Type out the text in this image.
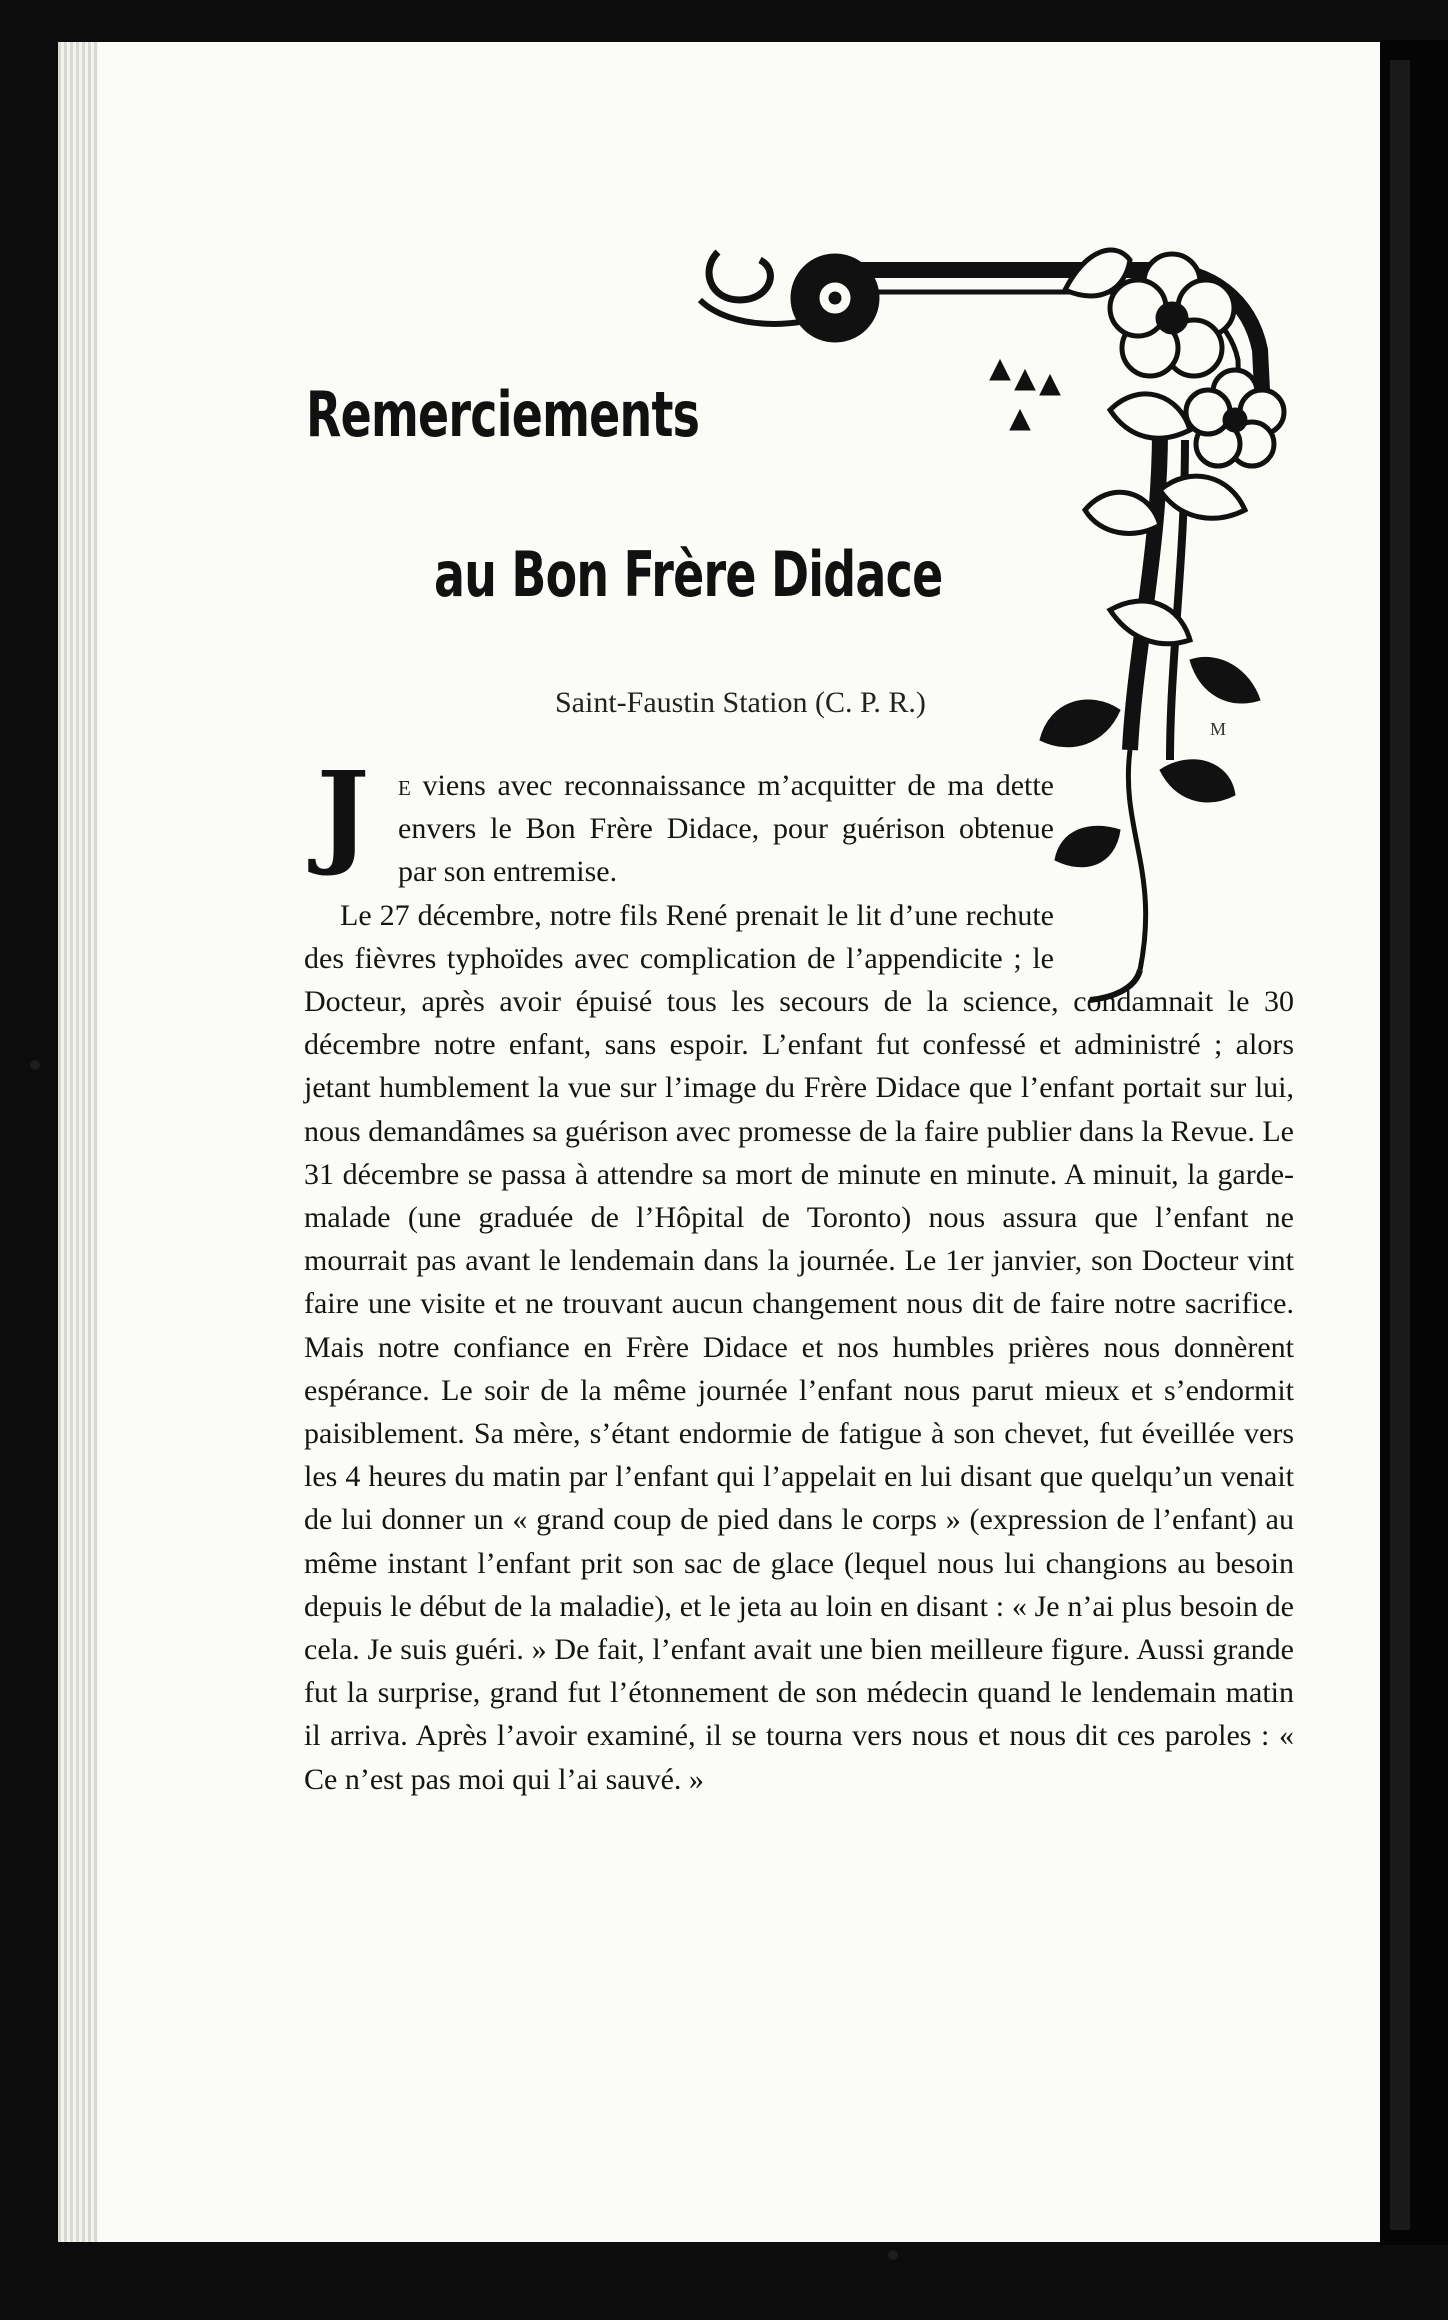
M
Remerciements
au Bon Frère Didace
Saint-Faustin Station (C. P. R.)
J e viens avec reconnaissance m’acquitter de ma dette envers le Bon Frère Didace, pour guérison obtenue par son entremise.

Le 27 décembre, notre fils René prenait le lit d’une rechute des fièvres typhoïdes avec complication de l’appendicite ; le Docteur, après avoir épuisé tous les secours de la science, condamnait le 30 décembre notre enfant, sans espoir. L’enfant fut confessé et administré ; alors jetant humblement la vue sur l’image du Frère Didace que l’enfant portait sur lui, nous demandâmes sa guérison avec promesse de la faire publier dans la Revue. Le 31 décembre se passa à attendre sa mort de minute en minute. A minuit, la garde-malade (une graduée de l’Hôpital de Toronto) nous assura que l’enfant ne mourrait pas avant le lendemain dans la journée. Le 1er janvier, son Docteur vint faire une visite et ne trouvant aucun changement nous dit de faire notre sacrifice. Mais notre confiance en Frère Didace et nos humbles prières nous donnèrent espérance. Le soir de la même journée l’enfant nous parut mieux et s’endormit paisiblement. Sa mère, s’étant endormie de fatigue à son chevet, fut éveillée vers les 4 heures du matin par l’enfant qui l’appelait en lui disant que quelqu’un venait de lui donner un « grand coup de pied dans le corps » (expression de l’enfant) au même instant l’enfant prit son sac de glace (lequel nous lui changions au besoin depuis le début de la maladie), et le jeta au loin en disant : « Je n’ai plus besoin de cela. Je suis guéri. » De fait, l’enfant avait une bien meilleure figure. Aussi grande fut la surprise, grand fut l’étonnement de son médecin quand le lendemain matin il arriva. Après l’avoir examiné, il se tourna vers nous et nous dit ces paroles : « Ce n’est pas moi qui l’ai sauvé. »
